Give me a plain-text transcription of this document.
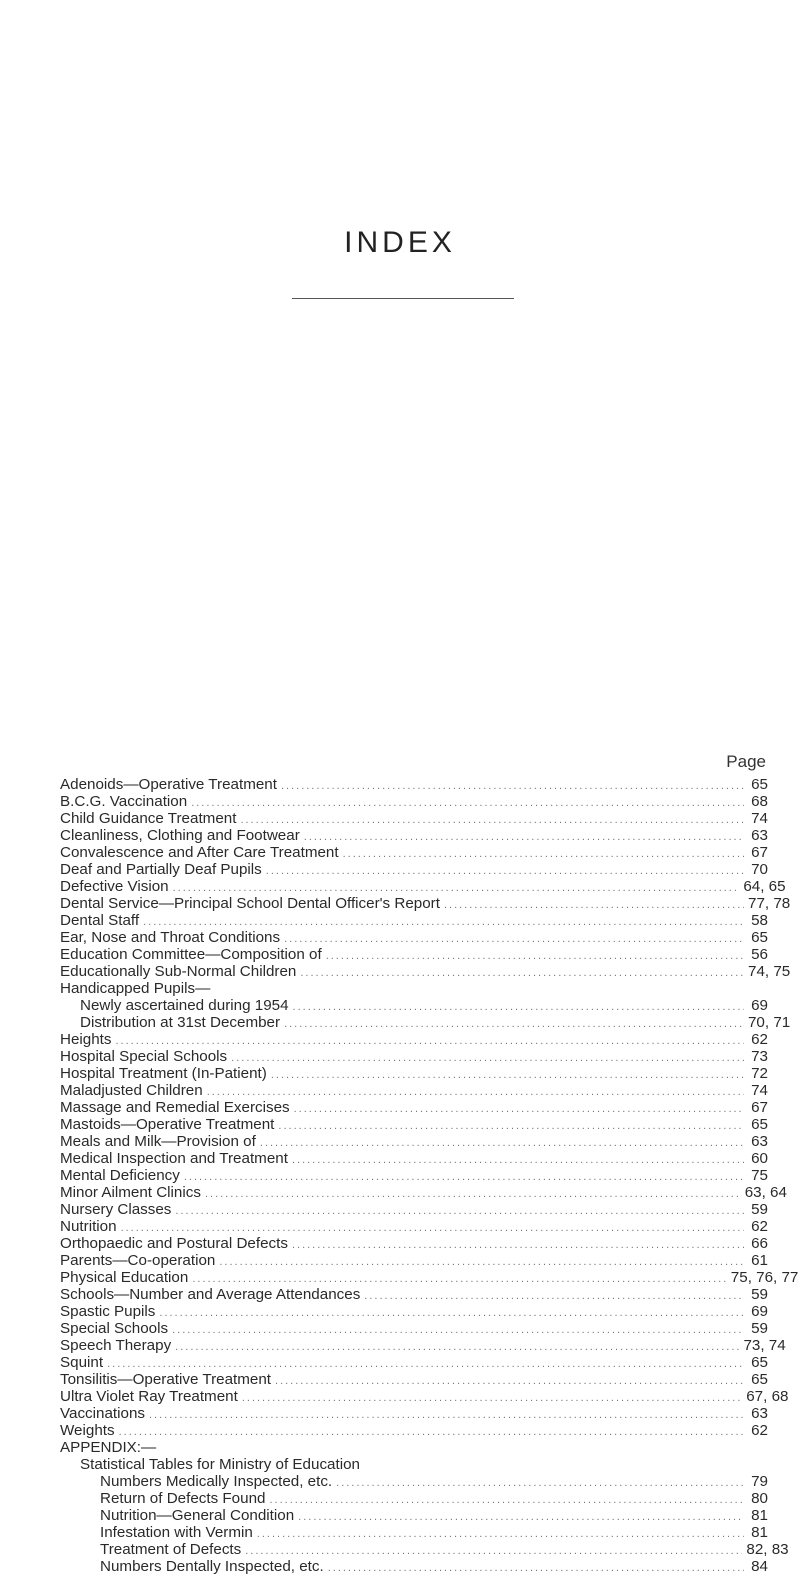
INDEX
Page
Adenoids—Operative Treatment .....	65
B.C.G. Vaccination .....	68
Child Guidance Treatment .....	74
Cleanliness, Clothing and Footwear .....	63
Convalescence and After Care Treatment .....	67
Deaf and Partially Deaf Pupils .....	70
Defective Vision .....	64, 65
Dental Service—Principal School Dental Officer's Report .....	77, 78
Dental Staff .....	58
Ear, Nose and Throat Conditions .....	65
Education Committee—Composition of .....	56
Educationally Sub-Normal Children .....	74, 75
Handicapped Pupils—
Newly ascertained during 1954 .....	69
Distribution at 31st December .....	70, 71
Heights .....	62
Hospital Special Schools .....	73
Hospital Treatment (In-Patient) .....	72
Maladjusted Children .....	74
Massage and Remedial Exercises .....	67
Mastoids—Operative Treatment .....	65
Meals and Milk—Provision of .....	63
Medical Inspection and Treatment .....	60
Mental Deficiency .....	75
Minor Ailment Clinics .....	63, 64
Nursery Classes .....	59
Nutrition .....	62
Orthopaedic and Postural Defects .....	66
Parents—Co-operation .....	61
Physical Education .....	75, 76, 77
Schools—Number and Average Attendances .....	59
Spastic Pupils .....	69
Special Schools .....	59
Speech Therapy .....	73, 74
Squint .....	65
Tonsilitis—Operative Treatment .....	65
Ultra Violet Ray Treatment .....	67, 68
Vaccinations .....	63
Weights .....	62
APPENDIX:—
Statistical Tables for Ministry of Education
Numbers Medically Inspected, etc. .....	79
Return of Defects Found .....	80
Nutrition—General Condition .....	81
Infestation with Vermin .....	81
Treatment of Defects .....	82, 83
Numbers Dentally Inspected, etc. .....	84
